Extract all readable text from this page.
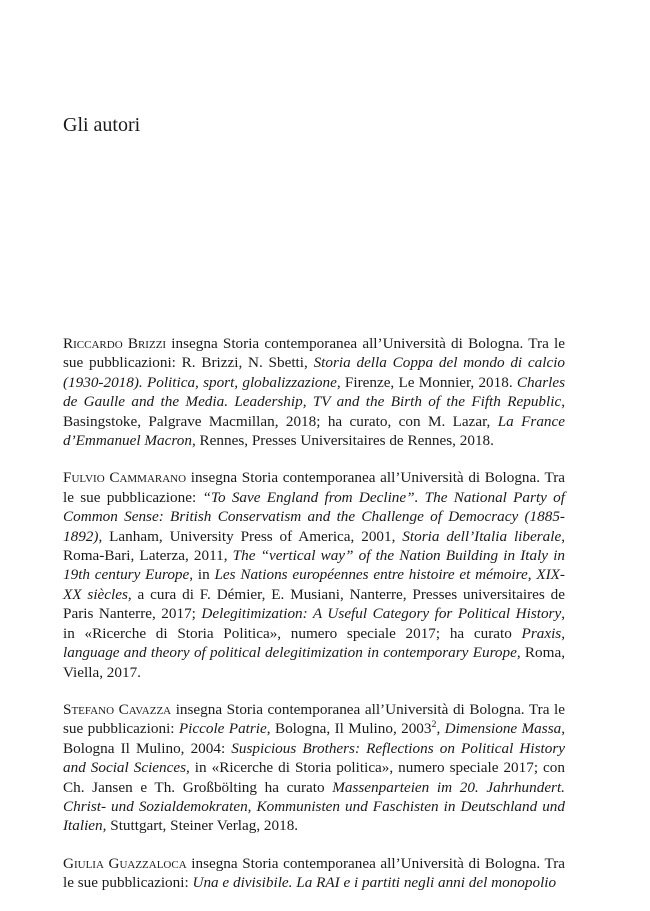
Gli autori

Riccardo Brizzi insegna Storia contemporanea all’Università di Bologna. Tra le sue pubblicazioni: R. Brizzi, N. Sbetti, Storia della Coppa del mondo di calcio (1930-2018). Politica, sport, globalizzazione, Firenze, Le Monnier, 2018. Charles de Gaulle and the Media. Leadership, TV and the Birth of the Fifth Republic, Basingstoke, Palgrave Macmillan, 2018; ha curato, con M. Lazar, La France d’Emmanuel Macron, Rennes, Presses Universitaires de Rennes, 2018.

Fulvio Cammarano insegna Storia contemporanea all’Università di Bologna. Tra le sue pubblicazione: “To Save England from Decline”. The National Party of Common Sense: British Conservatism and the Challenge of Democracy (1885-1892), Lanham, University Press of America, 2001, Storia dell’Italia liberale, Roma-Bari, Laterza, 2011, The “vertical way” of the Nation Building in Italy in 19th century Europe, in Les Nations européennes entre histoire et mémoire, XIX-XX siècles, a cura di F. Démier, E. Musiani, Nanterre, Presses universitaires de Paris Nanterre, 2017; Delegitimization: A Useful Category for Political History, in «Ricerche di Storia Politica», numero speciale 2017; ha curato Praxis, language and theory of political delegitimization in contemporary Europe, Roma, Viella, 2017.

Stefano Cavazza insegna Storia contemporanea all’Università di Bologna. Tra le sue pubblicazioni: Piccole Patrie, Bologna, Il Mulino, 2003$^2$, Dimensione Massa, Bologna Il Mulino, 2004: Suspicious Brothers: Reflections on Political History and Social Sciences, in «Ricerche di Storia politica», numero speciale 2017; con Ch. Jansen e Th. Großbölting ha curato Massenparteien im 20. Jahrhundert. Christ- und Sozialdemokraten, Kommunisten und Faschisten in Deutschland und Italien, Stuttgart, Steiner Verlag, 2018.

Giulia Guazzaloca insegna Storia contemporanea all’Università di Bologna. Tra le sue pubblicazioni: Una e divisibile. La RAI e i partiti negli anni del monopolio
